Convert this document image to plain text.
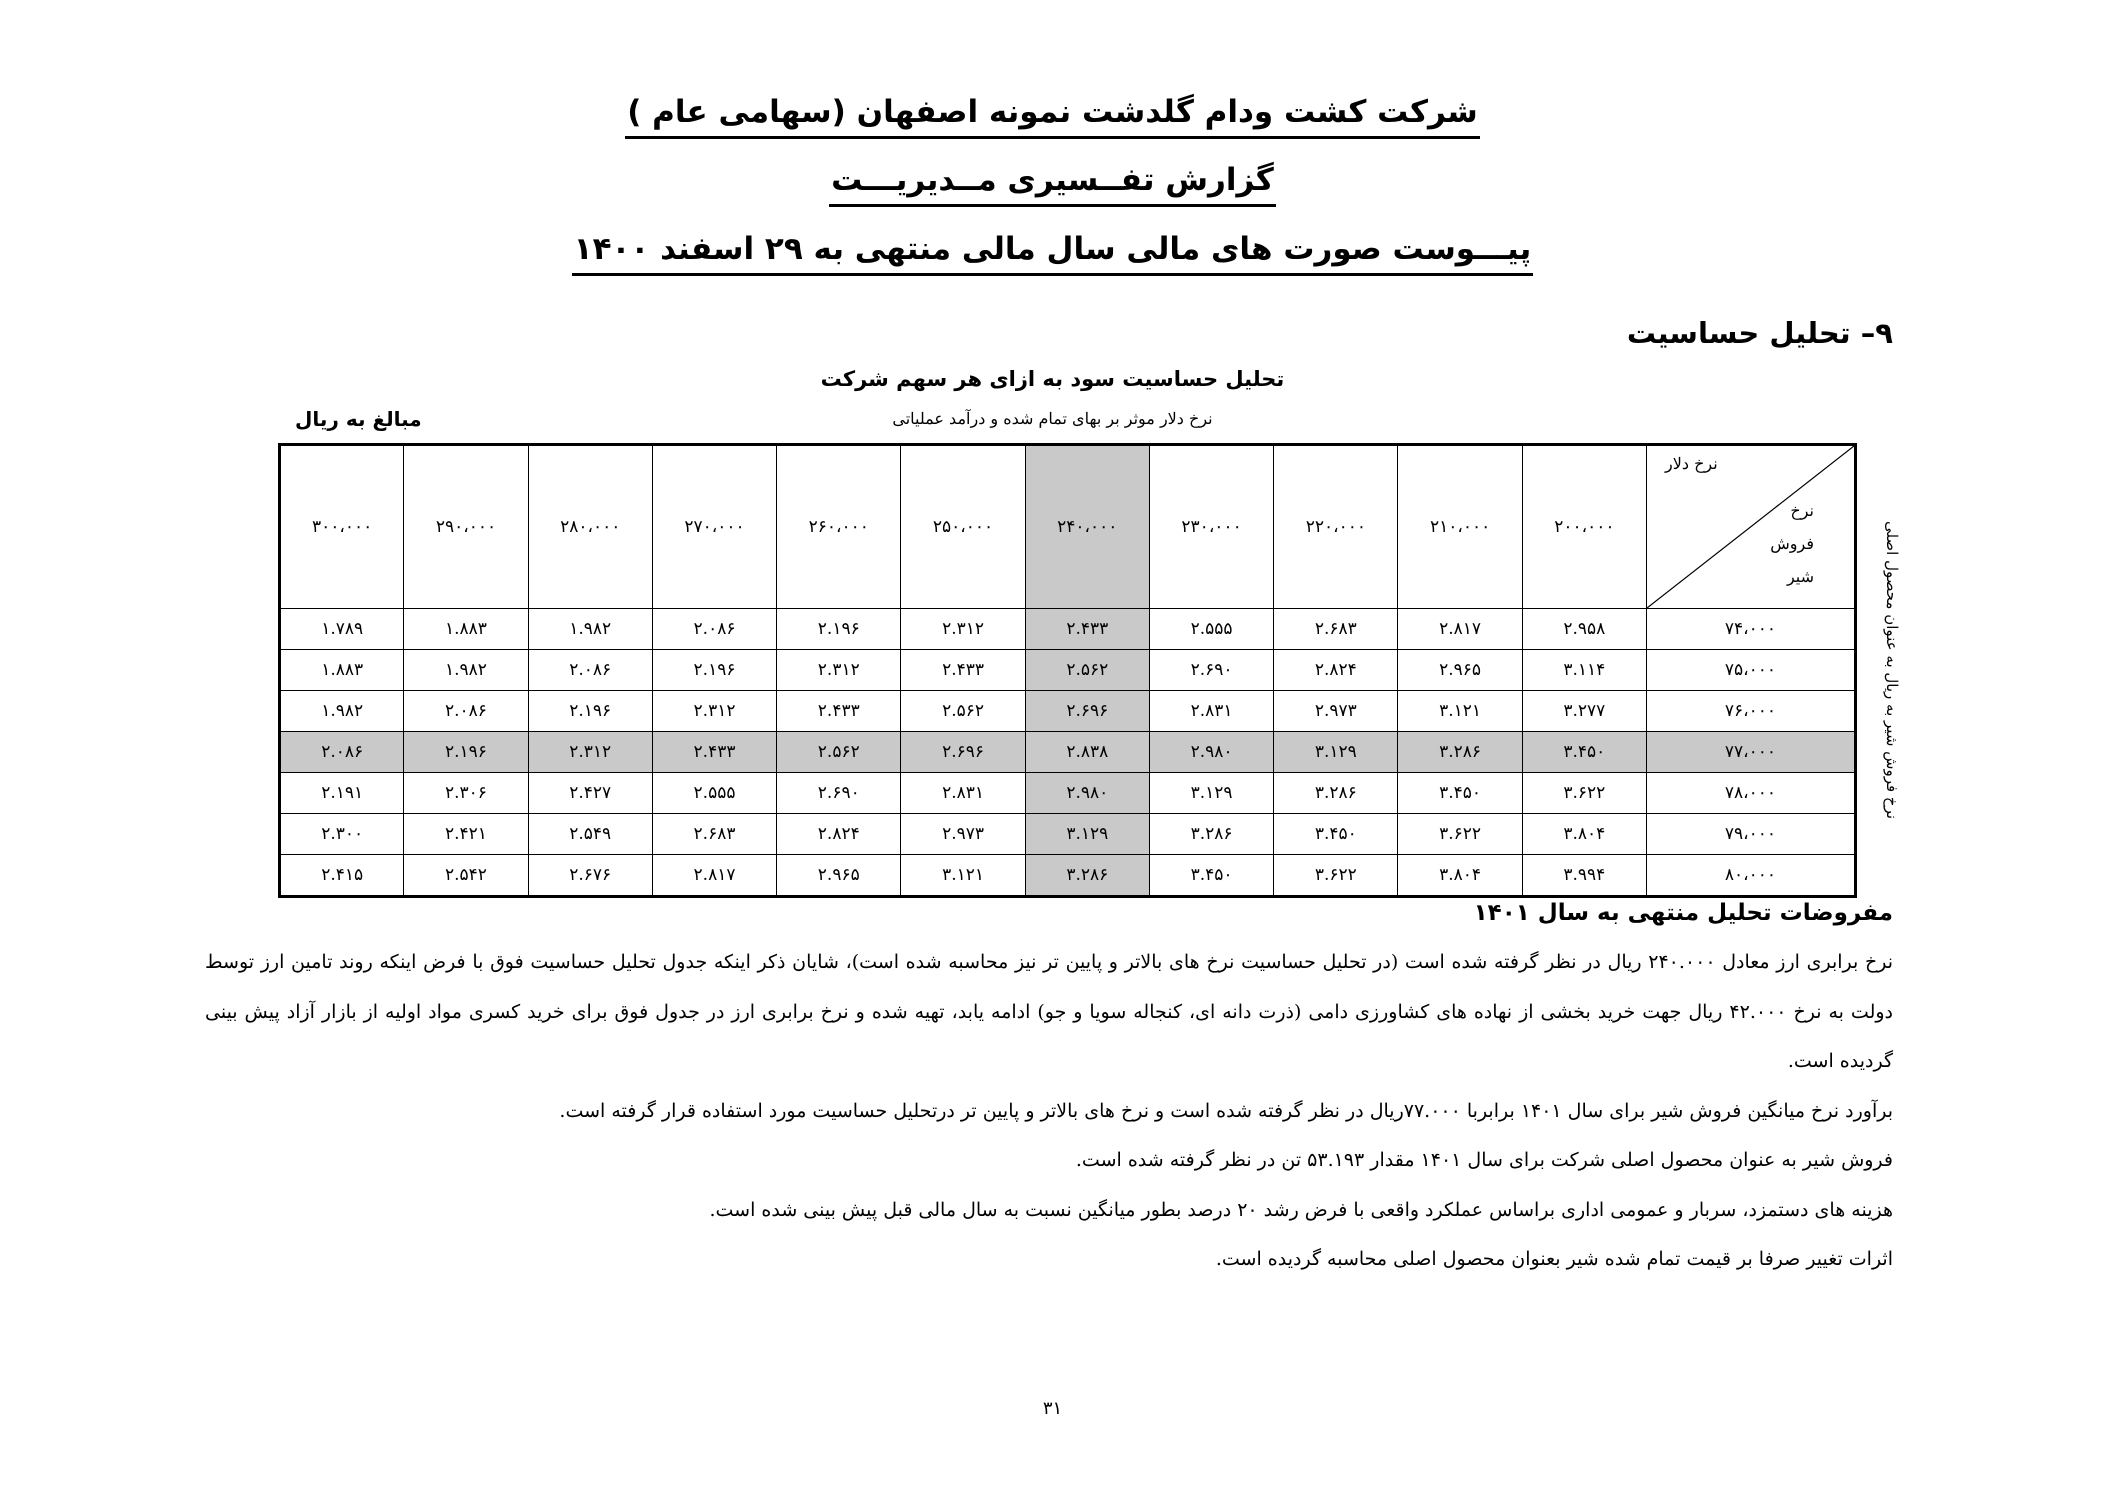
شرکت کشت ودام گلدشت نمونه اصفهان (سهامی عام )
گزارش تفــسیری مــدیریـــت
پیـــوست صورت های مالی سال مالی منتهی به ۲۹ اسفند ۱۴۰۰
۹– تحلیل حساسیت
تحلیل حساسیت سود به ازای هر سهم شرکت
مبالغ به ریال	نرخ دلار موثر بر بهای تمام شده و درآمد عملیاتی
نرخ فروش شیر به ریال به عنوان محصول اصلی
نرخ دلار
نرخ
فروش
شیر	۲۰۰،۰۰۰	۲۱۰،۰۰۰	۲۲۰،۰۰۰	۲۳۰،۰۰۰	۲۴۰،۰۰۰	۲۵۰،۰۰۰	۲۶۰،۰۰۰	۲۷۰،۰۰۰	۲۸۰،۰۰۰	۲۹۰،۰۰۰	۳۰۰،۰۰۰
۷۴،۰۰۰	۲.۹۵۸	۲.۸۱۷	۲.۶۸۳	۲.۵۵۵	۲.۴۳۳	۲.۳۱۲	۲.۱۹۶	۲.۰۸۶	۱.۹۸۲	۱.۸۸۳	۱.۷۸۹
۷۵،۰۰۰	۳.۱۱۴	۲.۹۶۵	۲.۸۲۴	۲.۶۹۰	۲.۵۶۲	۲.۴۳۳	۲.۳۱۲	۲.۱۹۶	۲.۰۸۶	۱.۹۸۲	۱.۸۸۳
۷۶،۰۰۰	۳.۲۷۷	۳.۱۲۱	۲.۹۷۳	۲.۸۳۱	۲.۶۹۶	۲.۵۶۲	۲.۴۳۳	۲.۳۱۲	۲.۱۹۶	۲.۰۸۶	۱.۹۸۲
۷۷،۰۰۰	۳.۴۵۰	۳.۲۸۶	۳.۱۲۹	۲.۹۸۰	۲.۸۳۸	۲.۶۹۶	۲.۵۶۲	۲.۴۳۳	۲.۳۱۲	۲.۱۹۶	۲.۰۸۶
۷۸،۰۰۰	۳.۶۲۲	۳.۴۵۰	۳.۲۸۶	۳.۱۲۹	۲.۹۸۰	۲.۸۳۱	۲.۶۹۰	۲.۵۵۵	۲.۴۲۷	۲.۳۰۶	۲.۱۹۱
۷۹،۰۰۰	۳.۸۰۴	۳.۶۲۲	۳.۴۵۰	۳.۲۸۶	۳.۱۲۹	۲.۹۷۳	۲.۸۲۴	۲.۶۸۳	۲.۵۴۹	۲.۴۲۱	۲.۳۰۰
۸۰،۰۰۰	۳.۹۹۴	۳.۸۰۴	۳.۶۲۲	۳.۴۵۰	۳.۲۸۶	۳.۱۲۱	۲.۹۶۵	۲.۸۱۷	۲.۶۷۶	۲.۵۴۲	۲.۴۱۵
مفروضات تحلیل منتهی به سال ۱۴۰۱

نرخ برابری ارز معادل ۲۴۰.۰۰۰ ریال در نظر گرفته شده است (در تحلیل حساسیت نرخ های بالاتر و پایین تر نیز محاسبه شده است)، شایان ذکر اینکه جدول تحلیل حساسیت فوق با فرض اینکه روند تامین ارز توسط دولت به نرخ ۴۲.۰۰۰ ریال جهت خرید بخشی از نهاده های کشاورزی دامی (ذرت دانه ای، کنجاله سویا و جو) ادامه یابد، تهیه شده و نرخ برابری ارز در جدول فوق برای خرید کسری مواد اولیه از بازار آزاد پیش بینی گردیده است.

برآورد نرخ میانگین فروش شیر برای سال ۱۴۰۱ برابربا ۷۷.۰۰۰ریال در نظر گرفته شده است و نرخ های بالاتر و پایین تر درتحلیل حساسیت مورد استفاده قرار گرفته است.

فروش شیر به عنوان محصول اصلی شرکت برای سال ۱۴۰۱ مقدار ۵۳.۱۹۳ تن در نظر گرفته شده است.

هزینه های دستمزد، سربار و عمومی اداری براساس عملکرد واقعی با فرض رشد ۲۰ درصد بطور میانگین نسبت به سال مالی قبل پیش بینی شده است.

اثرات تغییر صرفا بر قیمت تمام شده شیر بعنوان محصول اصلی محاسبه گردیده است.

۳۱
